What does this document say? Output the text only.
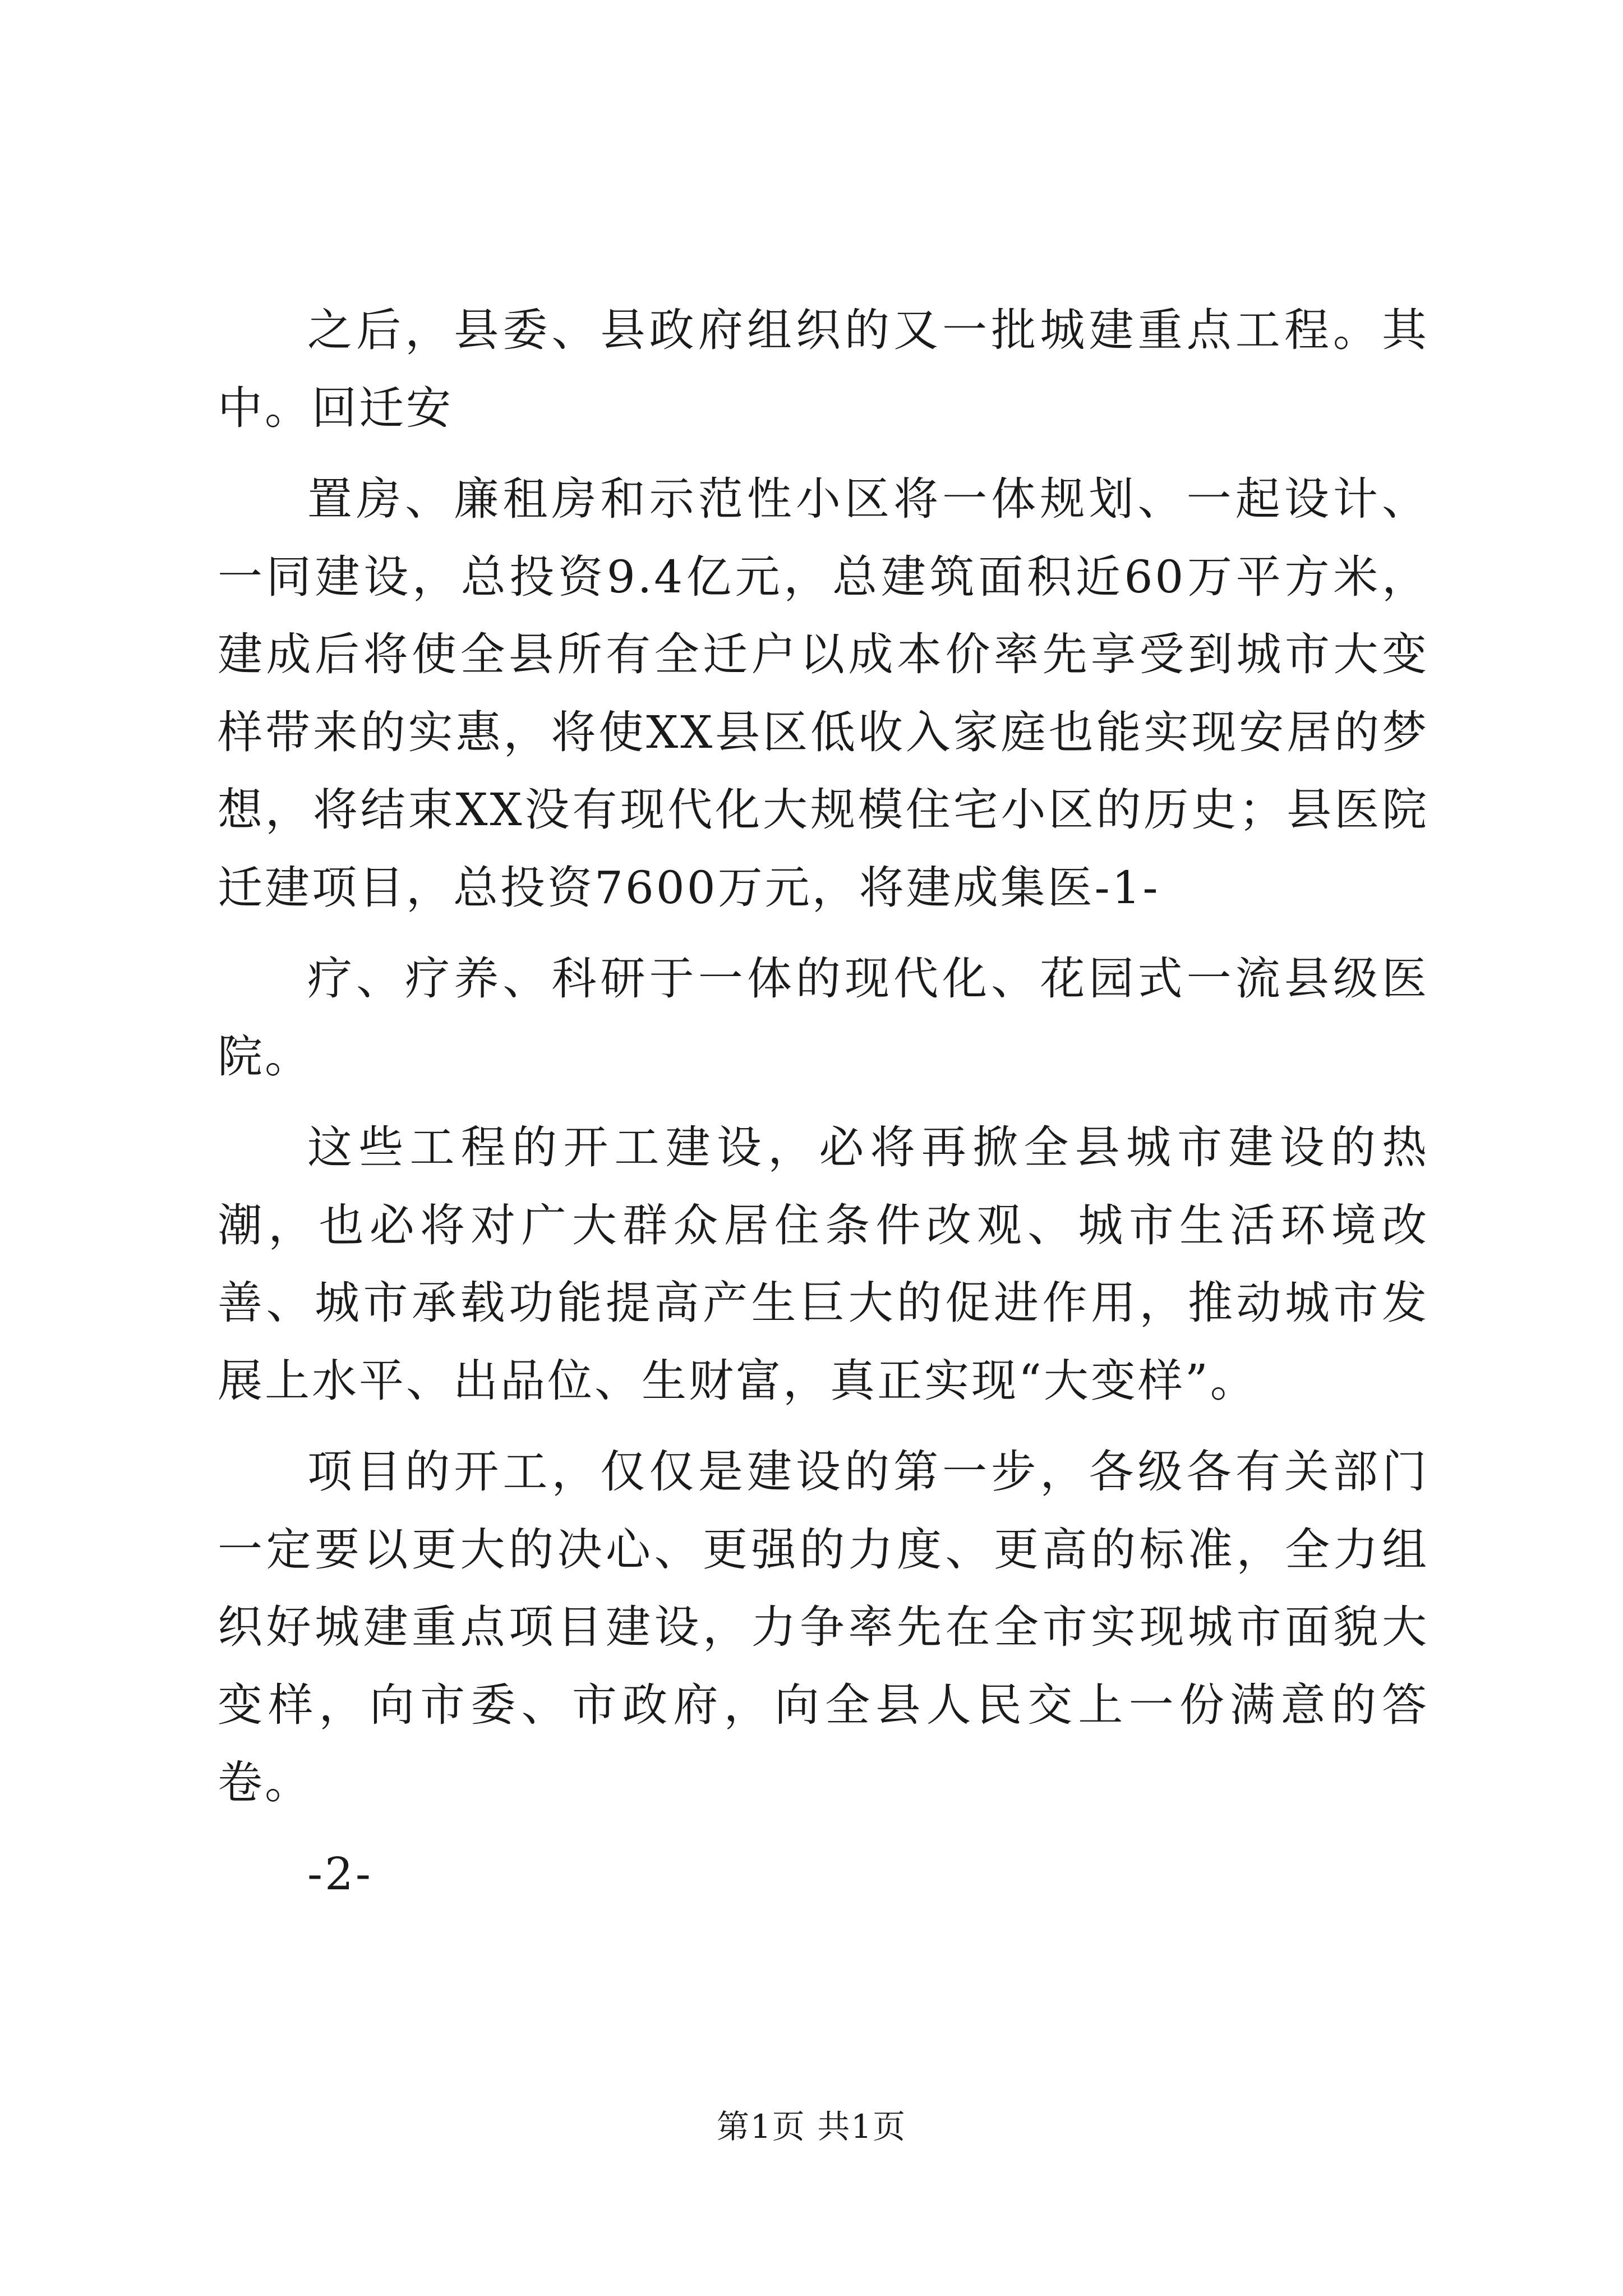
之后，县委、县政府组织的又一批城建重点工程。其中。回迁安

置房、廉租房和示范性小区将一体规划、一起设计、一同建设，总投资9.4亿元，总建筑面积近60万平方米，建成后将使全县所有全迁户以成本价率先享受到城市大变样带来的实惠，将使XX县区低收入家庭也能实现安居的梦想，将结束XX没有现代化大规模住宅小区的历史；县医院迁建项目，总投资7600万元，将建成集医-1-

疗、疗养、科研于一体的现代化、花园式一流县级医院。

这些工程的开工建设，必将再掀全县城市建设的热潮，也必将对广大群众居住条件改观、城市生活环境改善、城市承载功能提高产生巨大的促进作用，推动城市发展上水平、出品位、生财富，真正实现“大变样”。

项目的开工，仅仅是建设的第一步，各级各有关部门一定要以更大的决心、更强的力度、更高的标准，全力组织好城建重点项目建设，力争率先在全市实现城市面貌大变样，向市委、市政府，向全县人民交上一份满意的答卷。

-2-

第1页 共1页
